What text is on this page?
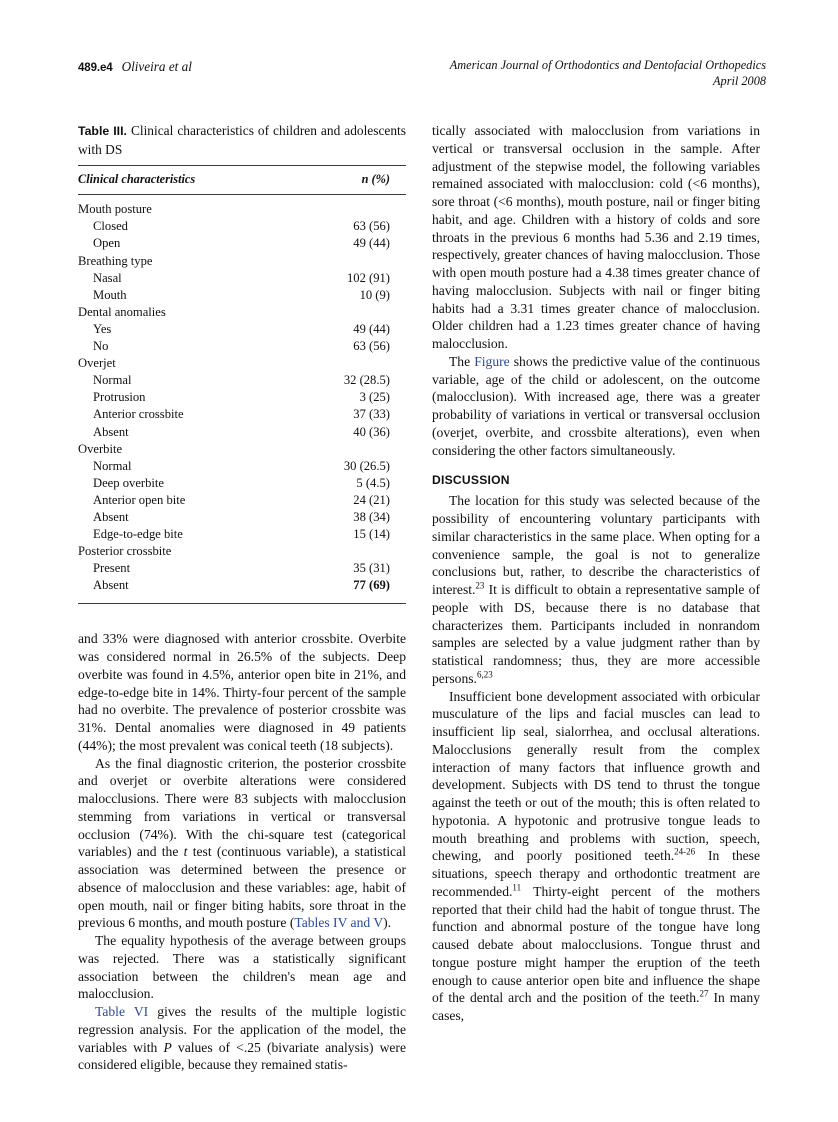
489.e4 Oliveira et al	American Journal of Orthodontics and Dentofacial Orthopedics
April 2008
Table III. Clinical characteristics of children and adolescents with DS
Clinical characteristics	n (%)
Mouth posture	
Closed	63 (56)
Open	49 (44)
Breathing type	
Nasal	102 (91)
Mouth	10 (9)
Dental anomalies	
Yes	49 (44)
No	63 (56)
Overjet	
Normal	32 (28.5)
Protrusion	3 (25)
Anterior crossbite	37 (33)
Absent	40 (36)
Overbite	
Normal	30 (26.5)
Deep overbite	5 (4.5)
Anterior open bite	24 (21)
Absent	38 (34)
Edge-to-edge bite	15 (14)
Posterior crossbite	
Present	35 (31)
Absent	77 (69)

and 33% were diagnosed with anterior crossbite. Overbite was considered normal in 26.5% of the subjects. Deep overbite was found in 4.5%, anterior open bite in 21%, and edge-to-edge bite in 14%. Thirty-four percent of the sample had no overbite. The prevalence of posterior crossbite was 31%. Dental anomalies were diagnosed in 49 patients (44%); the most prevalent was conical teeth (18 subjects).

As the final diagnostic criterion, the posterior crossbite and overjet or overbite alterations were considered malocclusions. There were 83 subjects with malocclusion stemming from variations in vertical or transversal occlusion (74%). With the chi-square test (categorical variables) and the t test (continuous variable), a statistical association was determined between the presence or absence of malocclusion and these variables: age, habit of open mouth, nail or finger biting habits, sore throat in the previous 6 months, and mouth posture (Tables IV and V).

The equality hypothesis of the average between groups was rejected. There was a statistically significant association between the children's mean age and malocclusion.

Table VI gives the results of the multiple logistic regression analysis. For the application of the model, the variables with P values of <.25 (bivariate analysis) were considered eligible, because they remained statis-

tically associated with malocclusion from variations in vertical or transversal occlusion in the sample. After adjustment of the stepwise model, the following variables remained associated with malocclusion: cold (<6 months), sore throat (<6 months), mouth posture, nail or finger biting habit, and age. Children with a history of colds and sore throats in the previous 6 months had 5.36 and 2.19 times, respectively, greater chances of having malocclusion. Those with open mouth posture had a 4.38 times greater chance of having malocclusion. Subjects with nail or finger biting habits had a 3.31 times greater chance of malocclusion. Older children had a 1.23 times greater chance of having malocclusion.

The Figure shows the predictive value of the continuous variable, age of the child or adolescent, on the outcome (malocclusion). With increased age, there was a greater probability of variations in vertical or transversal occlusion (overjet, overbite, and crossbite alterations), even when considering the other factors simultaneously.

DISCUSSION

The location for this study was selected because of the possibility of encountering voluntary participants with similar characteristics in the same place. When opting for a convenience sample, the goal is not to generalize conclusions but, rather, to describe the characteristics of interest.$^{23}$ It is difficult to obtain a representative sample of people with DS, because there is no database that characterizes them. Participants included in nonrandom samples are selected by a value judgment rather than by statistical randomness; thus, they are more accessible persons.$^{6,23}$

Insufficient bone development associated with orbicular musculature of the lips and facial muscles can lead to insufficient lip seal, sialorrhea, and occlusal alterations. Malocclusions generally result from the complex interaction of many factors that influence growth and development. Subjects with DS tend to thrust the tongue against the teeth or out of the mouth; this is often related to hypotonia. A hypotonic and protrusive tongue leads to mouth breathing and problems with suction, speech, chewing, and poorly positioned teeth.$^{24-26}$ In these situations, speech therapy and orthodontic treatment are recommended.$^{11}$ Thirty-eight percent of the mothers reported that their child had the habit of tongue thrust. The function and abnormal posture of the tongue have long caused debate about malocclusions. Tongue thrust and tongue posture might hamper the eruption of the teeth enough to cause anterior open bite and influence the shape of the dental arch and the position of the teeth.$^{27}$ In many cases,
